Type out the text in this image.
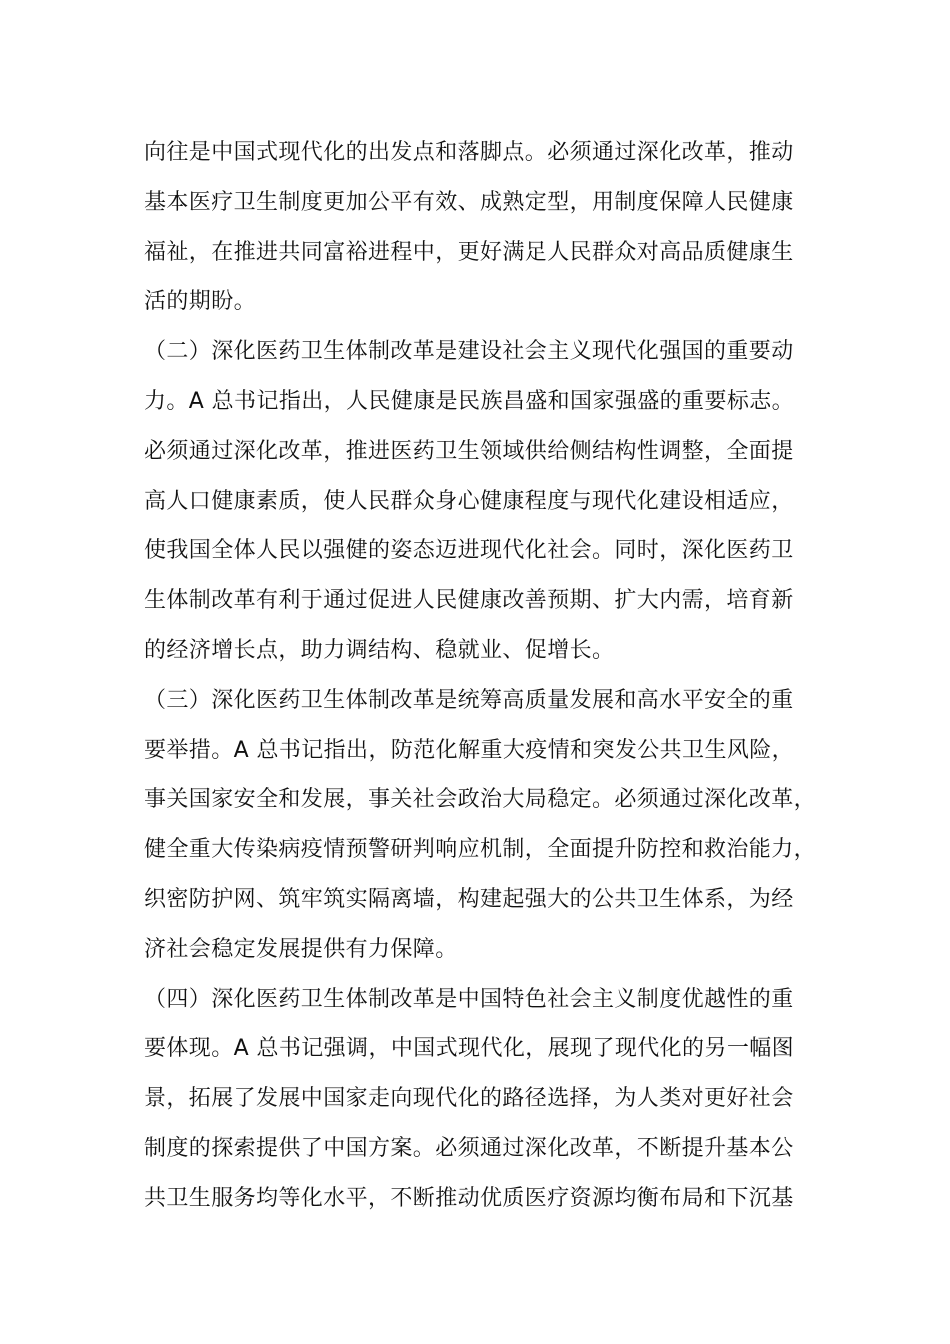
向往是中国式现代化的出发点和落脚点。必须通过深化改革，推动
基本医疗卫生制度更加公平有效、成熟定型，用制度保障人民健康
福祉，在推进共同富裕进程中，更好满足人民群众对高品质健康生
活的期盼。
（二）深化医药卫生体制改革是建设社会主义现代化强国的重要动
力。A 总书记指出，人民健康是民族昌盛和国家强盛的重要标志。
必须通过深化改革，推进医药卫生领域供给侧结构性调整，全面提
高人口健康素质，使人民群众身心健康程度与现代化建设相适应，
使我国全体人民以强健的姿态迈进现代化社会。同时，深化医药卫
生体制改革有利于通过促进人民健康改善预期、扩大内需，培育新
的经济增长点，助力调结构、稳就业、促增长。
（三）深化医药卫生体制改革是统筹高质量发展和高水平安全的重
要举措。A 总书记指出，防范化解重大疫情和突发公共卫生风险，
事关国家安全和发展，事关社会政治大局稳定。必须通过深化改革，
健全重大传染病疫情预警研判响应机制，全面提升防控和救治能力，
织密防护网、筑牢筑实隔离墙，构建起强大的公共卫生体系，为经
济社会稳定发展提供有力保障。
（四）深化医药卫生体制改革是中国特色社会主义制度优越性的重
要体现。A 总书记强调，中国式现代化，展现了现代化的另一幅图
景，拓展了发展中国家走向现代化的路径选择，为人类对更好社会
制度的探索提供了中国方案。必须通过深化改革，不断提升基本公
共卫生服务均等化水平，不断推动优质医疗资源均衡布局和下沉基
